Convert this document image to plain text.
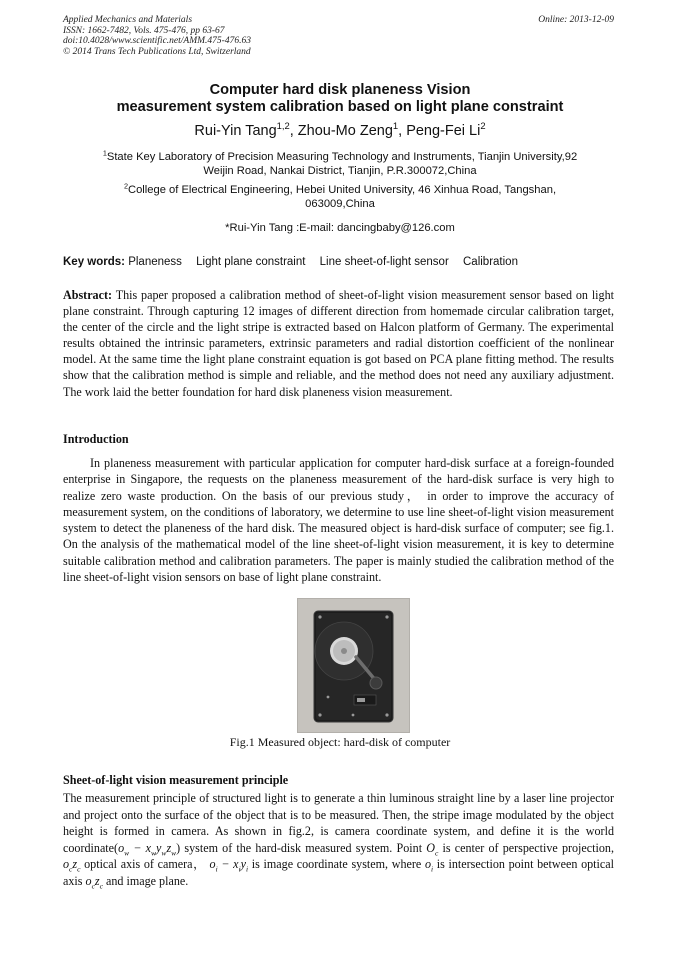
Applied Mechanics and Materials
ISSN: 1662-7482, Vols. 475-476, pp 63-67
doi:10.4028/www.scientific.net/AMM.475-476.63
© 2014 Trans Tech Publications Ltd, Switzerland
Online: 2013-12-09
Computer hard disk planeness Vision
measurement system calibration based on light plane constraint
Rui-Yin Tang$^{1,2}$, Zhou-Mo Zeng$^1$, Peng-Fei Li$^2$
$^1$State Key Laboratory of Precision Measuring Technology and Instruments, Tianjin University,92
Weijin Road, Nankai District, Tianjin, P.R.300072,China
$^2$College of Electrical Engineering, Hebei United University, 46 Xinhua Road, Tangshan,
063009,China
*Rui-Yin Tang :E-mail: dancingbaby@126.com
Key words: Planeness Light plane constraint Line sheet-of-light sensor Calibration
Abstract: This paper proposed a calibration method of sheet-of-light vision measurement sensor based on light plane constraint. Through capturing 12 images of different direction from homemade circular calibration target, the center of the circle and the light stripe is extracted based on Halcon platform of Germany. The experimental results obtained the intrinsic parameters, extrinsic parameters and radial distortion coefficient of the nonlinear model. At the same time the light plane constraint equation is got based on PCA plane fitting method. The results show that the calibration method is simple and reliable, and the method does not need any auxiliary adjustment. The work laid the better foundation for hard disk planeness vision measurement.
Introduction
In planeness measurement with particular application for computer hard-disk surface at a foreign-founded enterprise in Singapore, the requests on the planeness measurement of the hard-disk surface is very high to realize zero waste production. On the basis of our previous study， in order to improve the accuracy of measurement system, on the conditions of laboratory, we determine to use line sheet-of-light vision measurement system to detect the planeness of the hard disk. The measured object is hard-disk surface of computer; see fig.1. On the analysis of the mathematical model of the line sheet-of-light vision measurement, it is key to determine suitable calibration method and calibration parameters. The paper is mainly studied the calibration method of the line sheet-of-light vision sensors on base of light plane constraint.
Fig.1 Measured object: hard-disk of computer
Sheet-of-light vision measurement principle
The measurement principle of structured light is to generate a thin luminous straight line by a laser line projector and project onto the surface of the object that is to be measured. Then, the stripe image modulated by the object height is formed in camera. As shown in fig.2, is camera coordinate system, and define it is the world $coordinate(o_w - x_wy_wz_w)$ system of the hard-disk measured system. Point $O_c$ is center of perspective projection, $o_cz_c$ optical axis of camera， $o_i - x_iy_i$ is image coordinate system, where $o_i$ is intersection point between optical axis $o_cz_c$ and image plane.
